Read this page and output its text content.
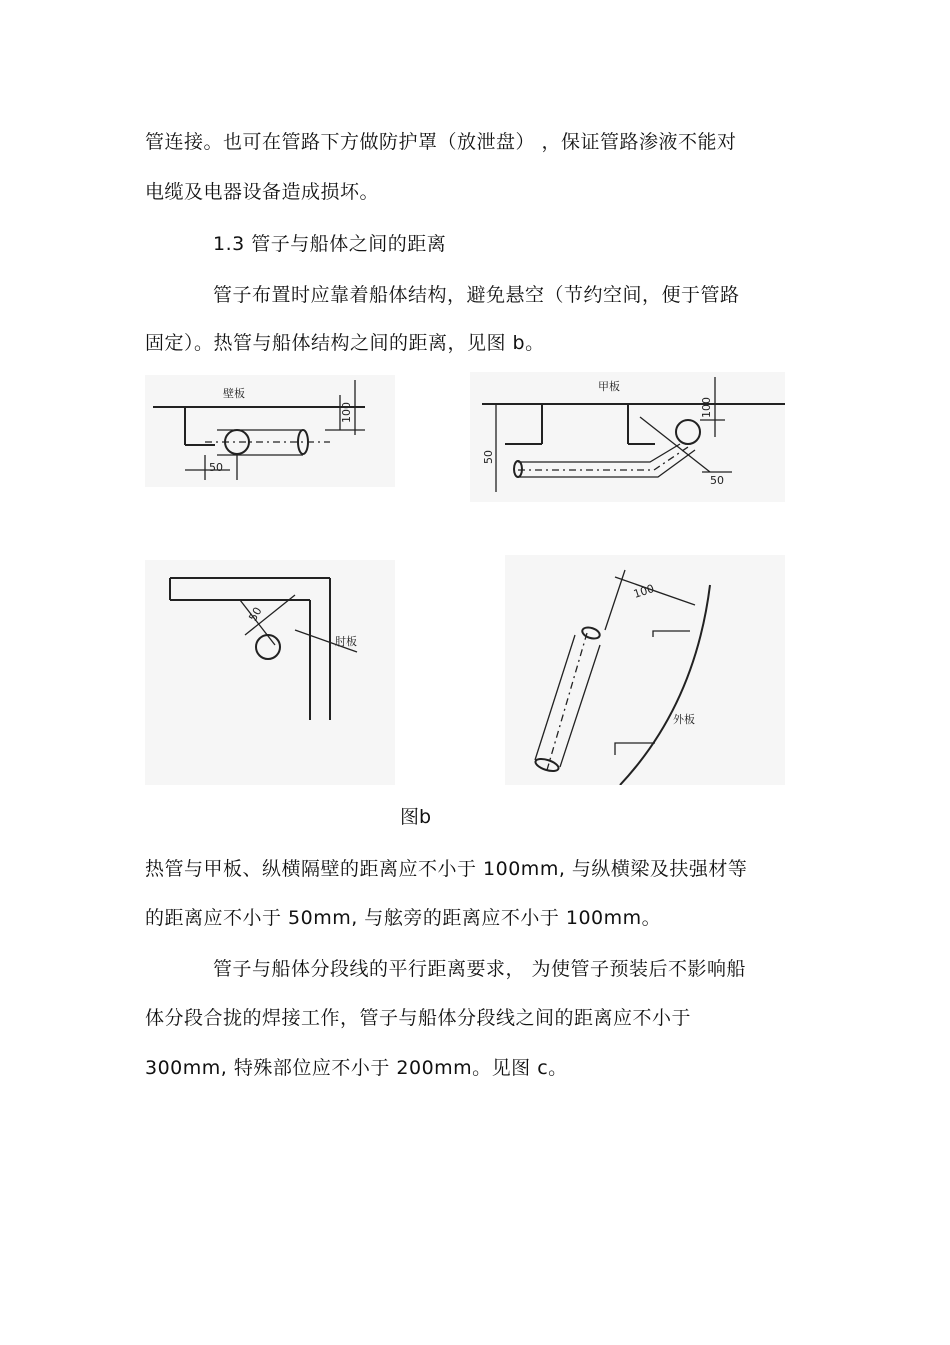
管连接。也可在管路下方做防护罩（放泄盘） ，保证管路渗液不能对
电缆及电器设备造成损坏。
1.3 管子与船体之间的距离
管子布置时应靠着船体结构，避免悬空（节约空间，便于管路
固定）。热管与船体结构之间的距离，见图 b。
壁板
100
50
甲板
100
50
50
50
肘板
100
外板
图b
热管与甲板、纵横隔壁的距离应不小于 100mm, 与纵横梁及扶强材等
的距离应不小于 50mm, 与舷旁的距离应不小于 100mm。
管子与船体分段线的平行距离要求， 为使管子预装后不影响船
体分段合拢的焊接工作，管子与船体分段线之间的距离应不小于
300mm, 特殊部位应不小于 200mm。见图 c。
